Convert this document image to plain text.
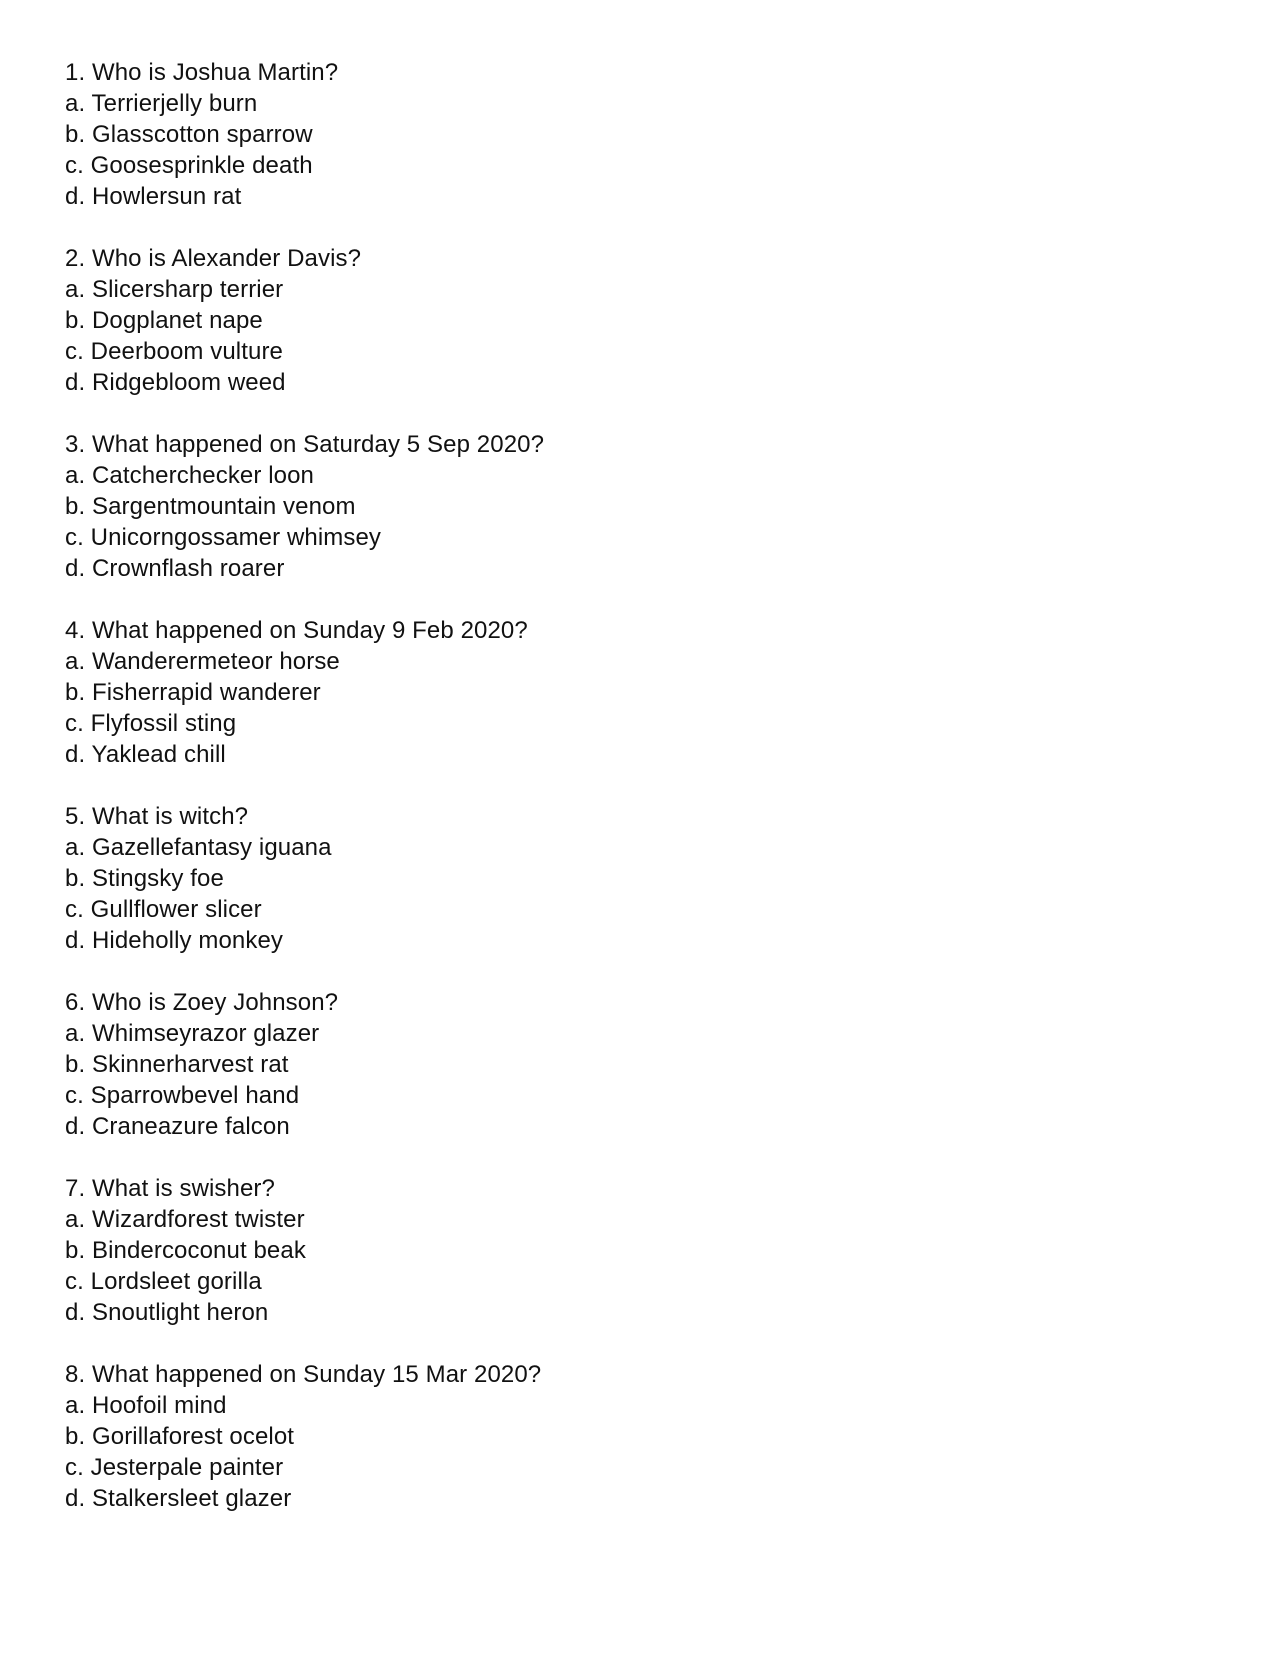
1. Who is Joshua Martin?
a. Terrierjelly burn
b. Glasscotton sparrow
c. Goosesprinkle death
d. Howlersun rat
2. Who is Alexander Davis?
a. Slicersharp terrier
b. Dogplanet nape
c. Deerboom vulture
d. Ridgebloom weed
3. What happened on Saturday 5 Sep 2020?
a. Catcherchecker loon
b. Sargentmountain venom
c. Unicorngossamer whimsey
d. Crownflash roarer
4. What happened on Sunday 9 Feb 2020?
a. Wanderermeteor horse
b. Fisherrapid wanderer
c. Flyfossil sting
d. Yaklead chill
5. What is witch?
a. Gazellefantasy iguana
b. Stingsky foe
c. Gullflower slicer
d. Hideholly monkey
6. Who is Zoey Johnson?
a. Whimseyrazor glazer
b. Skinnerharvest rat
c. Sparrowbevel hand
d. Craneazure falcon
7. What is swisher?
a. Wizardforest twister
b. Bindercoconut beak
c. Lordsleet gorilla
d. Snoutlight heron
8. What happened on Sunday 15 Mar 2020?
a. Hoofoil mind
b. Gorillaforest ocelot
c. Jesterpale painter
d. Stalkersleet glazer
